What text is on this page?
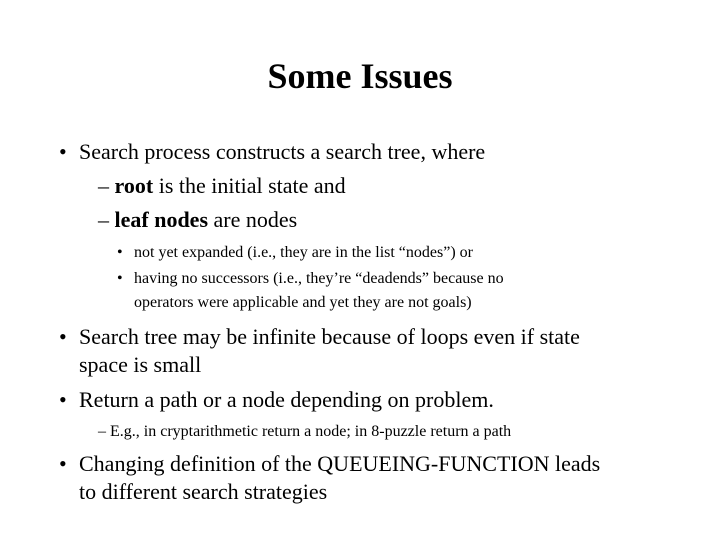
Some Issues
• Search process constructs a search tree, where
– root is the initial state and
– leaf nodes are nodes
• not yet expanded (i.e., they are in the list “nodes”) or
• having no successors (i.e., they’re “deadends” because no
operators were applicable and yet they are not goals)
• Search tree may be infinite because of loops even if state
space is small
• Return a path or a node depending on problem.
– E.g., in cryptarithmetic return a node; in 8-puzzle return a path
• Changing definition of the QUEUEING-FUNCTION leads
to different search strategies
